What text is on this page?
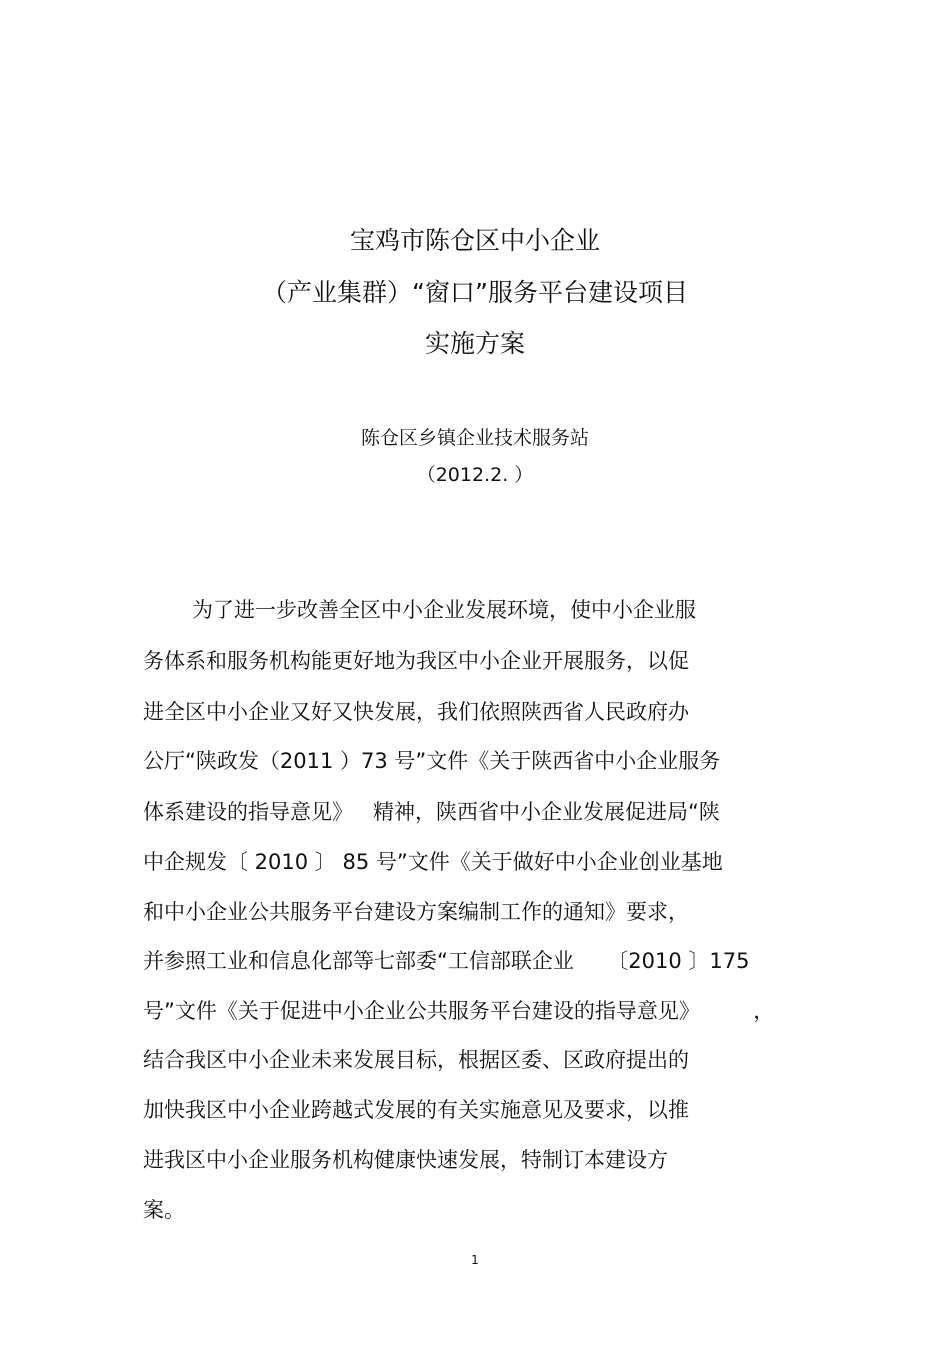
宝鸡市陈仓区中小企业
（产业集群）“窗口”服务平台建设项目
实施方案
陈仓区乡镇企业技术服务站
（2012.2. ）
为了进一步改善全区中小企业发展环境，使中小企业服
务体系和服务机构能更好地为我区中小企业开展服务，以促
进全区中小企业又好又快发展，我们依照陕西省人民政府办
公厅“陕政发（2011 ）73 号”文件《关于陕西省中小企业服务
体系建设的指导意见》   精神，陕西省中小企业发展促进局“陕
中企规发〔 2010 〕 85 号”文件《关于做好中小企业创业基地
和中小企业公共服务平台建设方案编制工作的通知》要求，
并参照工业和信息化部等七部委“工信部联企业     〔2010 〕175
号”文件《关于促进中小企业公共服务平台建设的指导意见》        ，
结合我区中小企业未来发展目标，根据区委、区政府提出的
加快我区中小企业跨越式发展的有关实施意见及要求，以推
进我区中小企业服务机构健康快速发展，特制订本建设方
案。
1
